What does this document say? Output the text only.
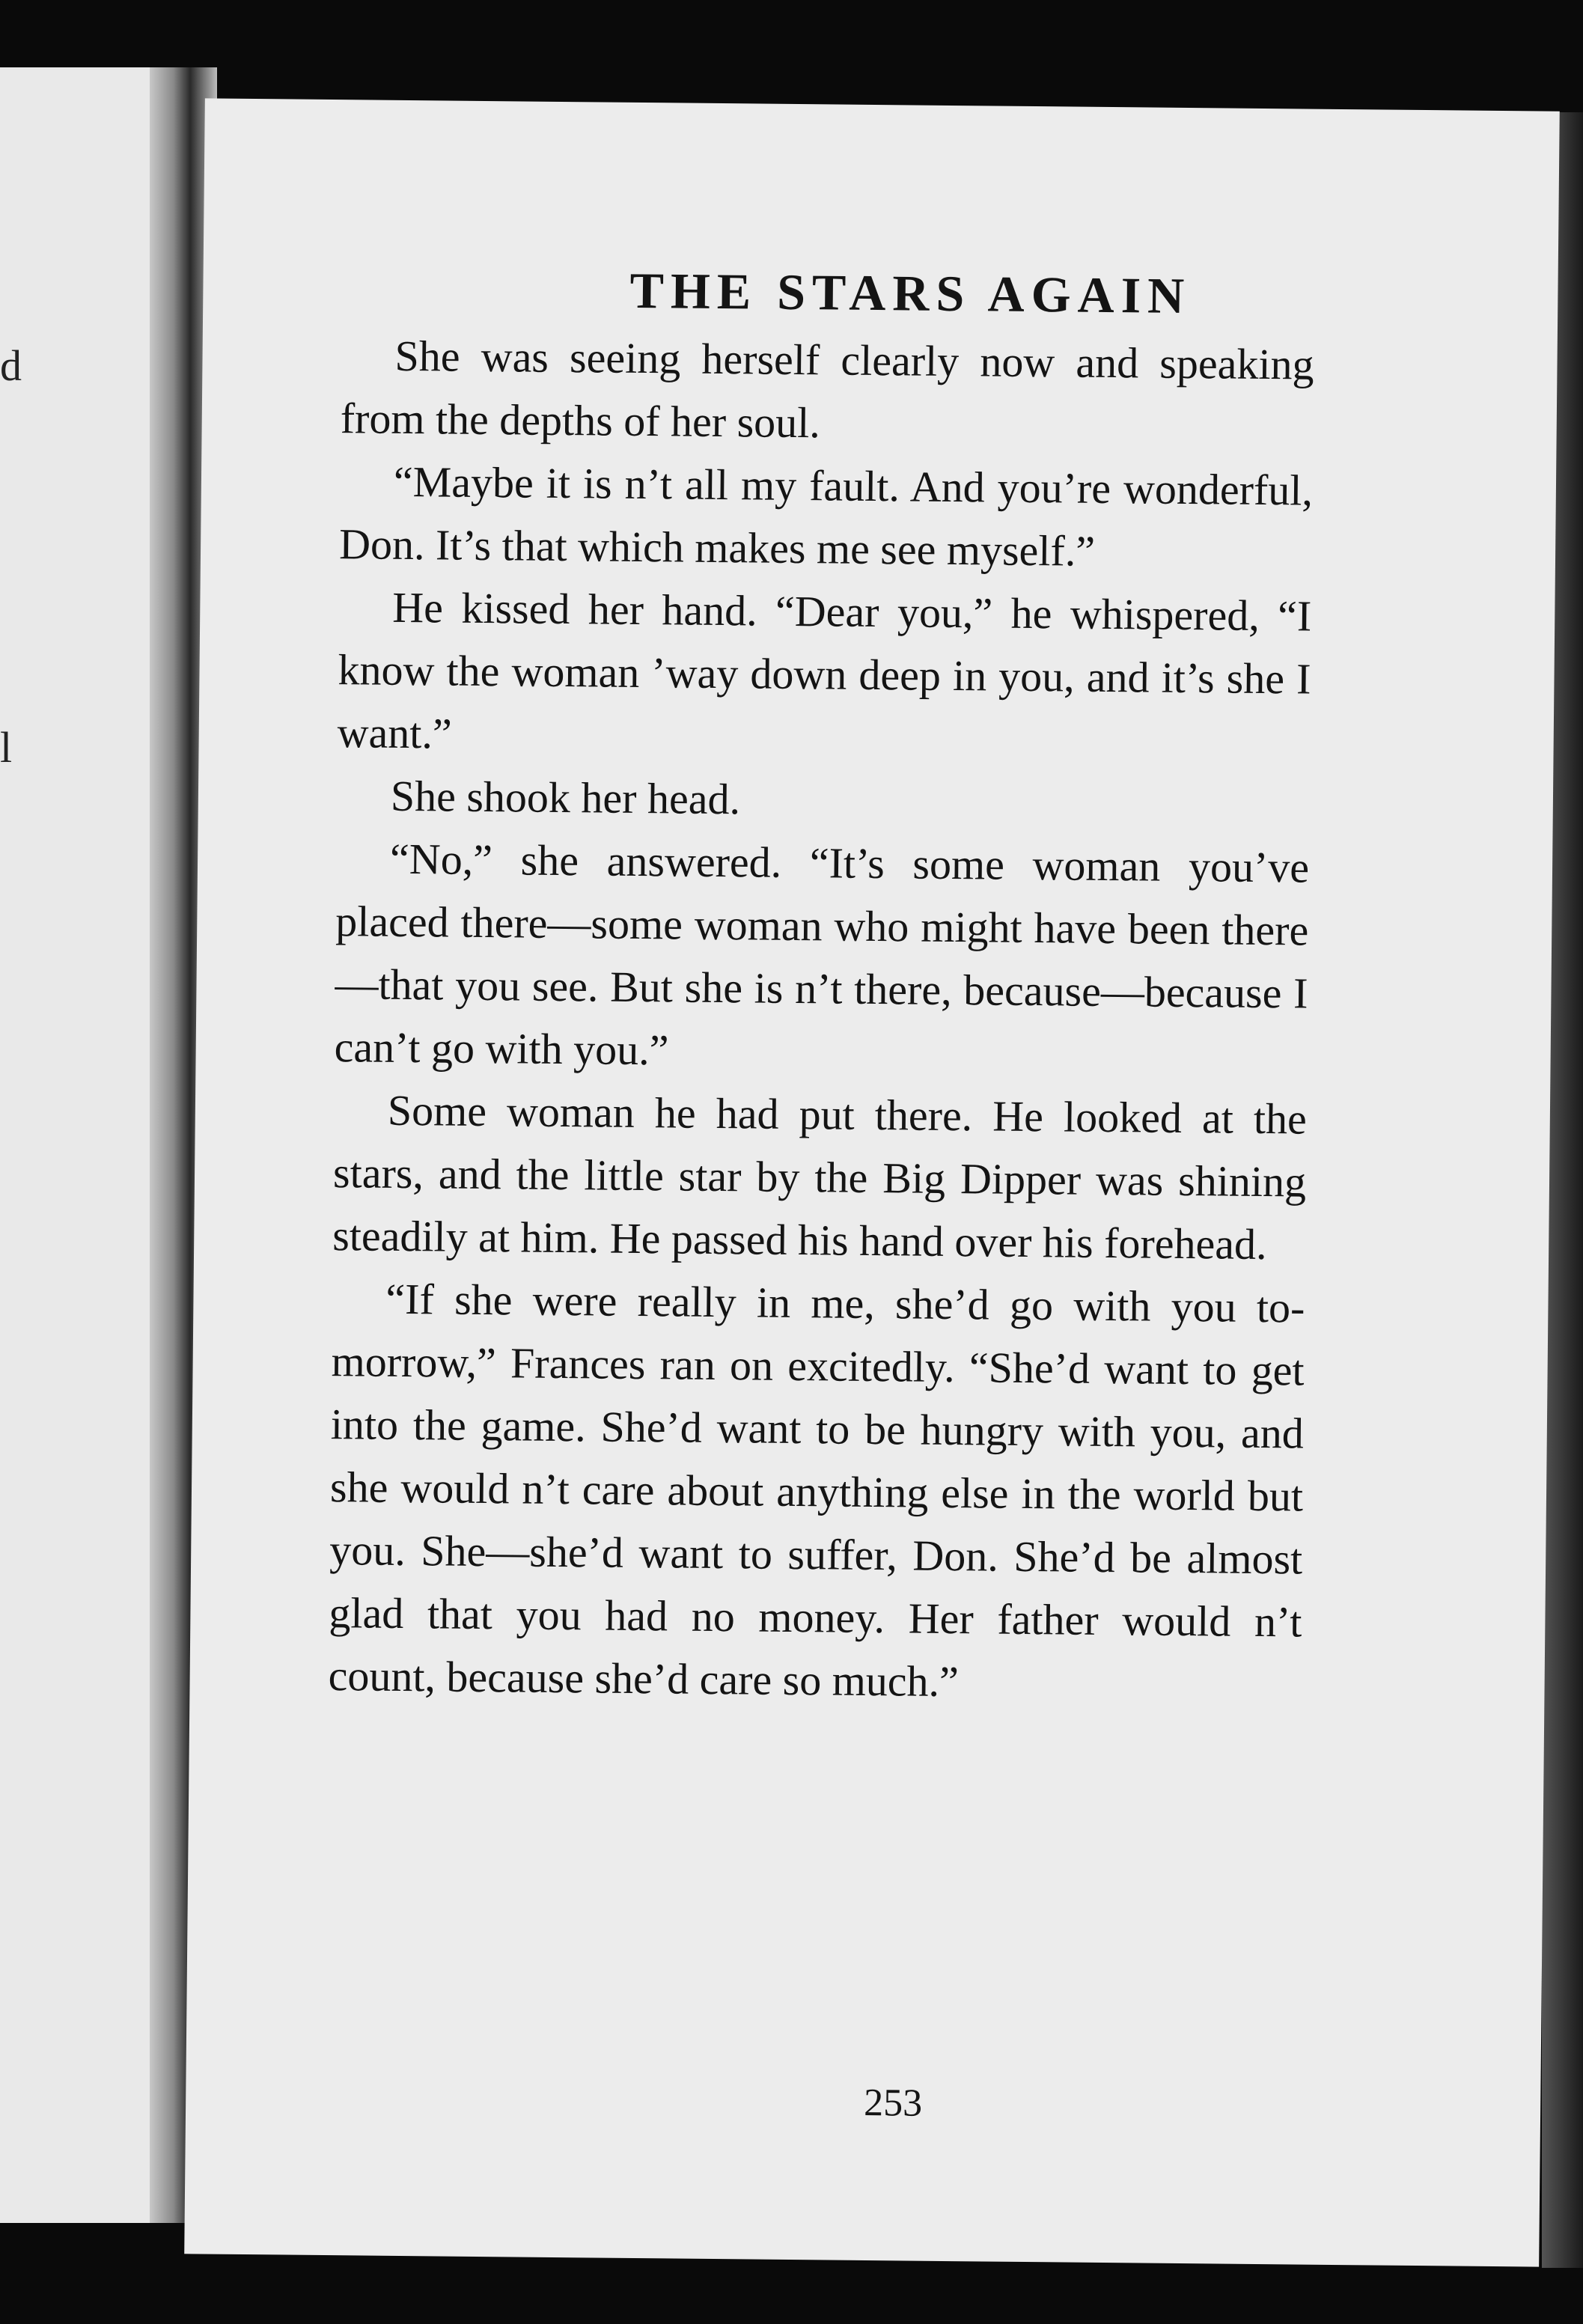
d
l
THE STARS AGAIN

She was seeing herself clearly now and speaking from the depths of her soul.

“Maybe it is n’t all my fault. And you’re wonderful, Don. It’s that which makes me see myself.”

He kissed her hand. “Dear you,” he whispered, “I know the woman ’way down deep in you, and it’s she I want.”

She shook her head.

“No,” she answered. “It’s some woman you’ve placed there—some woman who might have been there—that you see. But she is n’t there, because—because I can’t go with you.”

Some woman he had put there. He looked at the stars, and the little star by the Big Dipper was shining steadily at him. He passed his hand over his forehead.

“If she were really in me, she’d go with you to-morrow,” Frances ran on excitedly. “She’d want to get into the game. She’d want to be hungry with you, and she would n’t care about anything else in the world but you. She—she’d want to suffer, Don. She’d be almost glad that you had no money. Her father would n’t count, because she’d care so much.”

253
